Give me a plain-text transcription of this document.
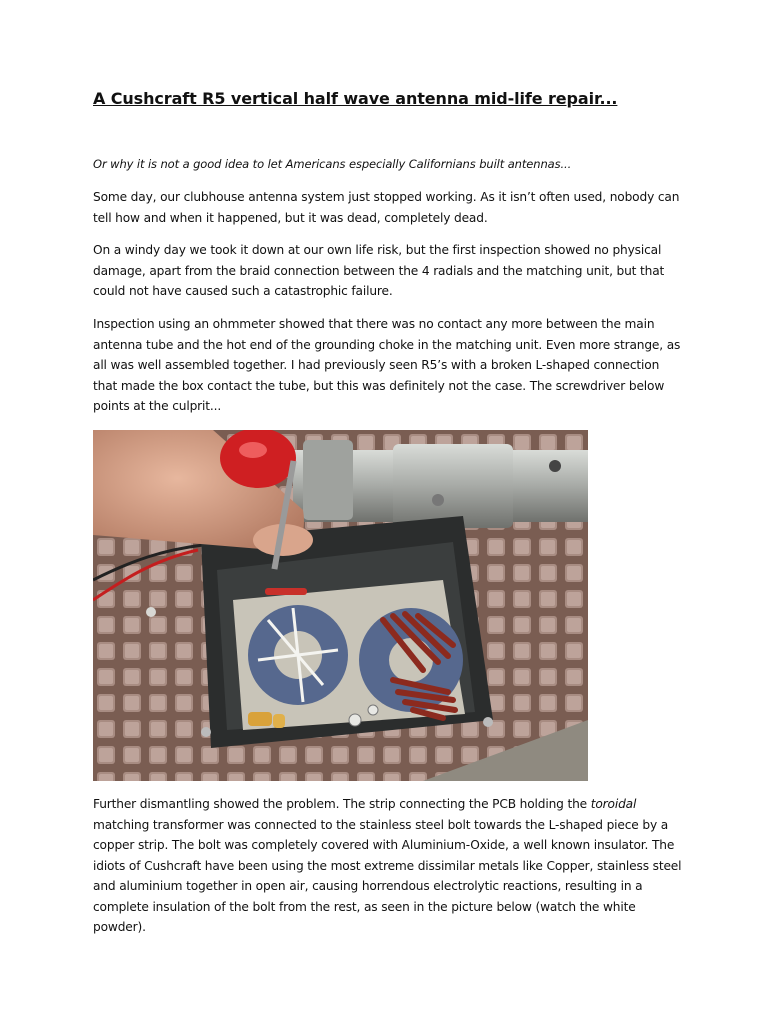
A Cushcraft R5 vertical half wave antenna mid-life repair...

Or why it is not a good idea to let Americans especially Californians built antennas...

Some day, our clubhouse antenna system just stopped working. As it isn’t often used, nobody can tell how and when it happened, but it was dead, completely dead.

On a windy day we took it down at our own life risk, but the first inspection showed no physical damage, apart from the braid connection between the 4 radials and the matching unit, but that could not have caused such a catastrophic failure.

Inspection using an ohmmeter showed that there was no contact any more between the main antenna tube and the hot end of the grounding choke in the matching unit. Even more strange, as all was well assembled together. I had previously seen R5’s with a broken L-shaped connection that made the box contact the tube, but this was definitely not the case. The screwdriver below points at the culprit...

Further dismantling showed the problem. The strip connecting the PCB holding the toroidal matching transformer was connected to the stainless steel bolt towards the L-shaped piece by a copper strip. The bolt was completely covered with Aluminium-Oxide, a well known insulator. The idiots of Cushcraft have been using the most extreme dissimilar metals like Copper, stainless steel and aluminium together in open air, causing horrendous electrolytic reactions, resulting in a complete insulation of the bolt from the rest, as seen in the picture below (watch the white powder).
